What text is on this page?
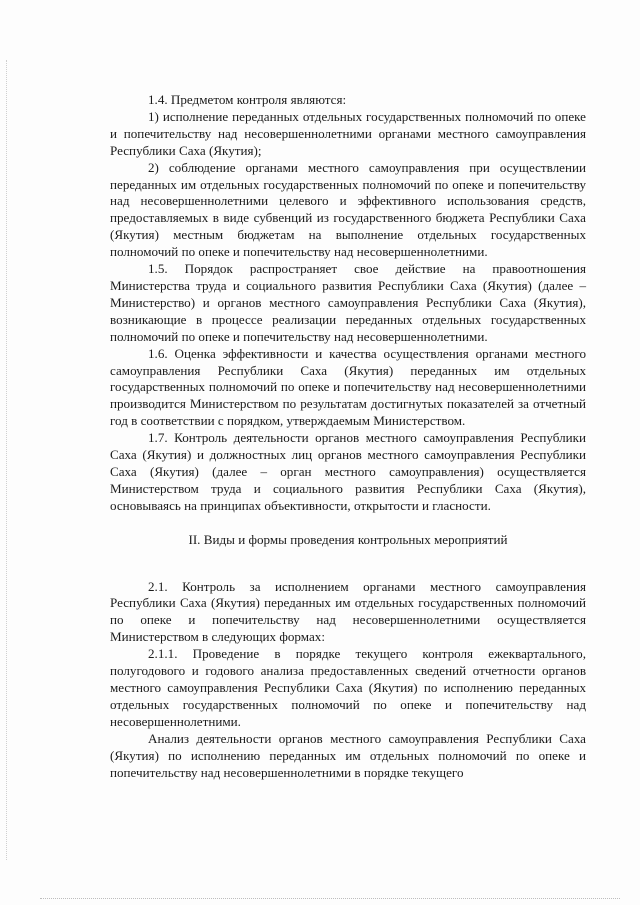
1.4. Предметом контроля являются:

1) исполнение переданных отдельных государственных полномочий по опеке и попечительству над несовершеннолетними органами местного самоуправления Республики Саха (Якутия);

2) соблюдение органами местного самоуправления при осуществлении переданных им отдельных государственных полномочий по опеке и попечительству над несовершеннолетними целевого и эффективного использования средств, предоставляемых в виде субвенций из государственного бюджета Республики Саха (Якутия) местным бюджетам на выполнение отдельных государственных полномочий по опеке и попечительству над несовершеннолетними.

1.5. Порядок распространяет свое действие на правоотношения Министерства труда и социального развития Республики Саха (Якутия) (далее – Министерство) и органов местного самоуправления Республики Саха (Якутия), возникающие в процессе реализации переданных отдельных государственных полномочий по опеке и попечительству над несовершеннолетними.

1.6. Оценка эффективности и качества осуществления органами местного самоуправления Республики Саха (Якутия) переданных им отдельных государственных полномочий по опеке и попечительству над несовершеннолетними производится Министерством по результатам достигнутых показателей за отчетный год в соответствии с порядком, утверждаемым Министерством.

1.7. Контроль деятельности органов местного самоуправления Республики Саха (Якутия) и должностных лиц органов местного самоуправления Республики Саха (Якутия) (далее – орган местного самоуправления) осуществляется Министерством труда и социального развития Республики Саха (Якутия), основываясь на принципах объективности, открытости и гласности.

II. Виды и формы проведения контрольных мероприятий

2.1. Контроль за исполнением органами местного самоуправления Республики Саха (Якутия) переданных им отдельных государственных полномочий по опеке и попечительству над несовершеннолетними осуществляется Министерством в следующих формах:

2.1.1. Проведение в порядке текущего контроля ежеквартального, полугодового и годового анализа предоставленных сведений отчетности органов местного самоуправления Республики Саха (Якутия) по исполнению переданных отдельных государственных полномочий по опеке и попечительству над несовершеннолетними.

Анализ деятельности органов местного самоуправления Республики Саха (Якутия) по исполнению переданных им отдельных полномочий по опеке и попечительству над несовершеннолетними в порядке текущего
